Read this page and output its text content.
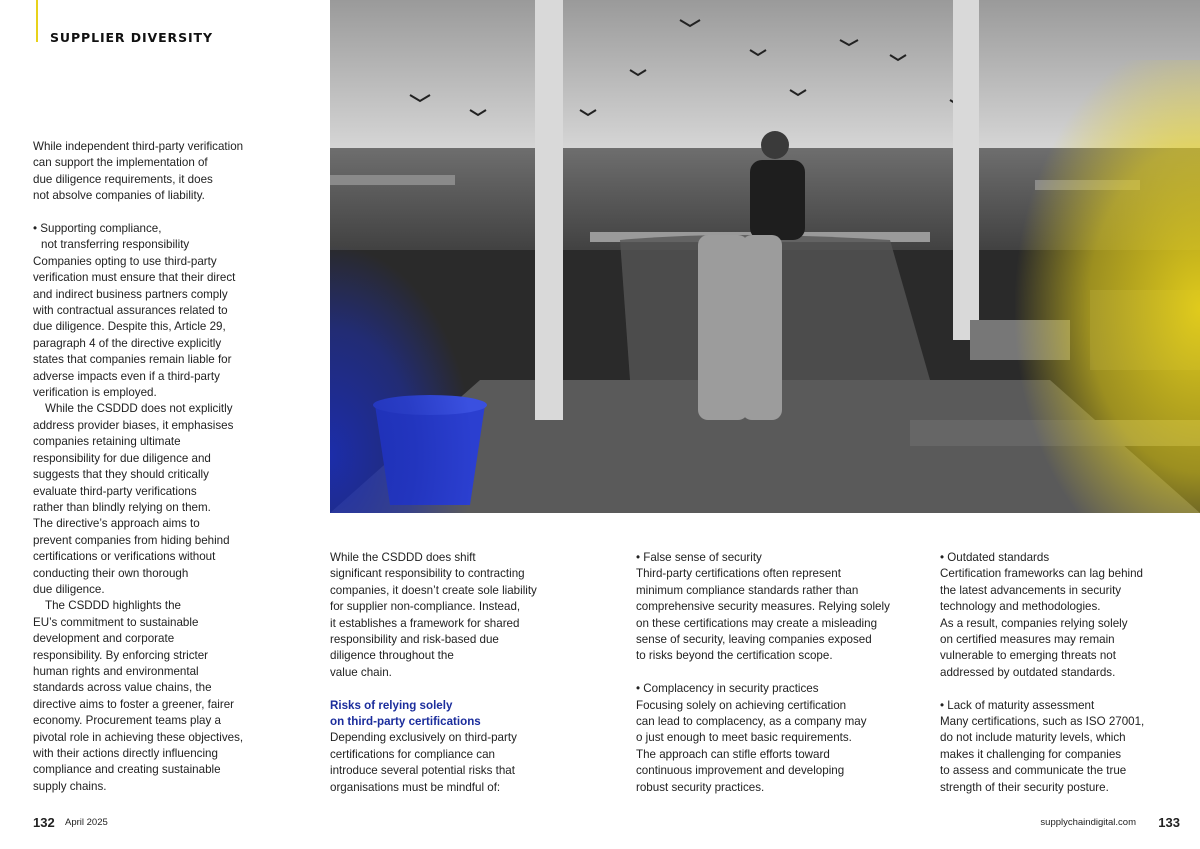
SUPPLIER DIVERSITY

While independent third-party verification

can support the implementation of

due diligence requirements, it does

not absolve companies of liability.

• Supporting compliance,

not transferring responsibility

Companies opting to use third-party

verification must ensure that their direct

and indirect business partners comply

with contractual assurances related to

due diligence. Despite this, Article 29,

paragraph 4 of the directive explicitly

states that companies remain liable for

adverse impacts even if a third-party

verification is employed.

While the CSDDD does not explicitly

address provider biases, it emphasises

companies retaining ultimate

responsibility for due diligence and

suggests that they should critically

evaluate third-party verifications

rather than blindly relying on them.

The directive’s approach aims to

prevent companies from hiding behind

certifications or verifications without

conducting their own thorough

due diligence.

The CSDDD highlights the

EU’s commitment to sustainable

development and corporate

responsibility. By enforcing stricter

human rights and environmental

standards across value chains, the

directive aims to foster a greener, fairer

economy. Procurement teams play a

pivotal role in achieving these objectives,

with their actions directly influencing

compliance and creating sustainable

supply chains.

While the CSDDD does shift

significant responsibility to contracting

companies, it doesn’t create sole liability

for supplier non-compliance. Instead,

it establishes a framework for shared

responsibility and risk-based due

diligence throughout the

value chain.

Risks of relying solely

on third-party certifications

Depending exclusively on third-party

certifications for compliance can

introduce several potential risks that

organisations must be mindful of:

• False sense of security

Third-party certifications often represent

minimum compliance standards rather than

comprehensive security measures. Relying solely

on these certifications may create a misleading

sense of security, leaving companies exposed

to risks beyond the certification scope.

• Complacency in security practices

Focusing solely on achieving certification

can lead to complacency, as a company may

o just enough to meet basic requirements.

The approach can stifle efforts toward

continuous improvement and developing

robust security practices.

• Outdated standards

Certification frameworks can lag behind

the latest advancements in security

technology and methodologies.

As a result, companies relying solely

on certified measures may remain

vulnerable to emerging threats not

addressed by outdated standards.

• Lack of maturity assessment

Many certifications, such as ISO 27001,

do not include maturity levels, which

makes it challenging for companies

to assess and communicate the true

strength of their security posture.

132 April 2025	supplychaindigital.com 133
